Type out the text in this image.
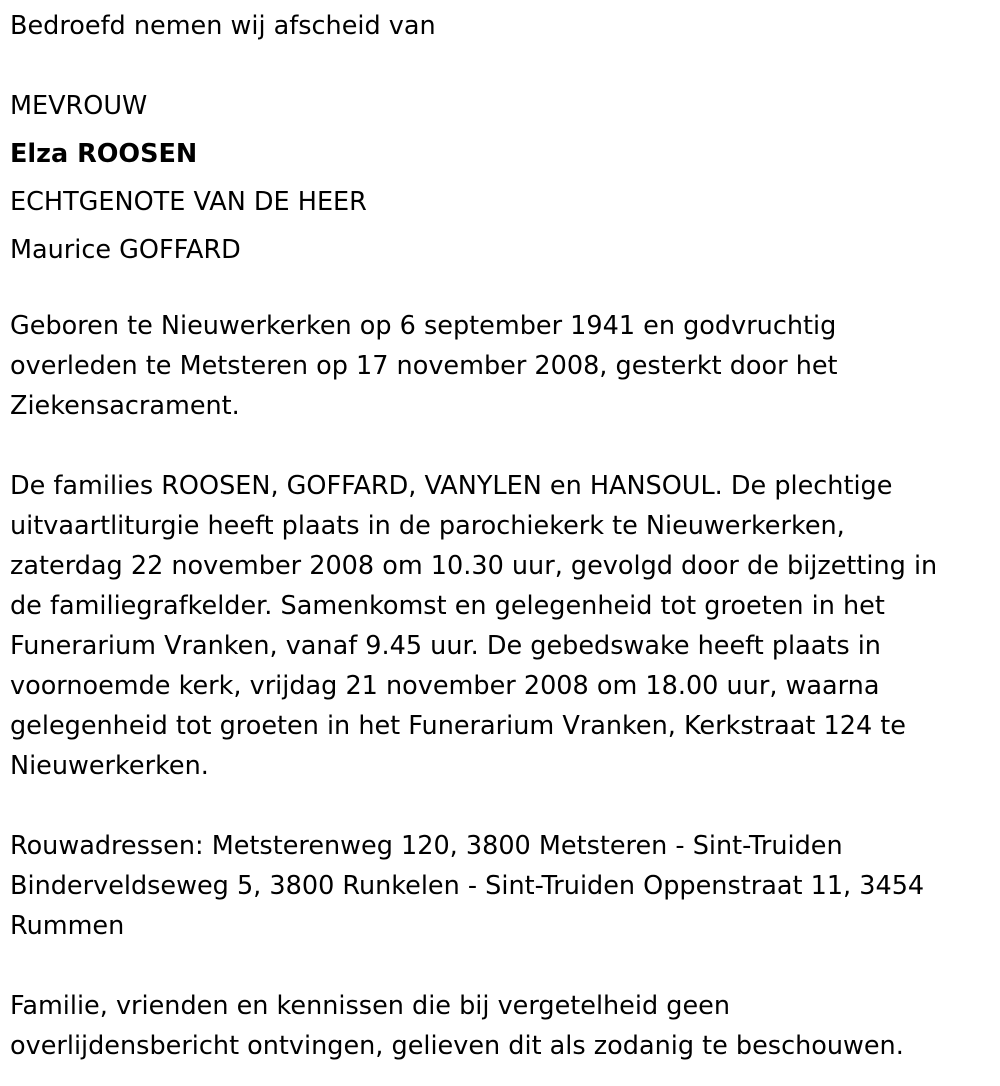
Bedroefd nemen wij afscheid van

MEVROUW

Elza ROOSEN

ECHTGENOTE VAN DE HEER

Maurice GOFFARD

Geboren te Nieuwerkerken op 6 september 1941 en godvruchtig

overleden te Metsteren op 17 november 2008, gesterkt door het

Ziekensacrament.

De families ROOSEN, GOFFARD, VANYLEN en HANSOUL. De plechtige

uitvaartliturgie heeft plaats in de parochiekerk te Nieuwerkerken,

zaterdag 22 november 2008 om 10.30 uur, gevolgd door de bijzetting in

de familiegrafkelder. Samenkomst en gelegenheid tot groeten in het

Funerarium Vranken, vanaf 9.45 uur. De gebedswake heeft plaats in

voornoemde kerk, vrijdag 21 november 2008 om 18.00 uur, waarna

gelegenheid tot groeten in het Funerarium Vranken, Kerkstraat 124 te

Nieuwerkerken.

Rouwadressen: Metsterenweg 120, 3800 Metsteren - Sint-Truiden

Binderveldseweg 5, 3800 Runkelen - Sint-Truiden Oppenstraat 11, 3454

Rummen

Familie, vrienden en kennissen die bij vergetelheid geen

overlijdensbericht ontvingen, gelieven dit als zodanig te beschouwen.
